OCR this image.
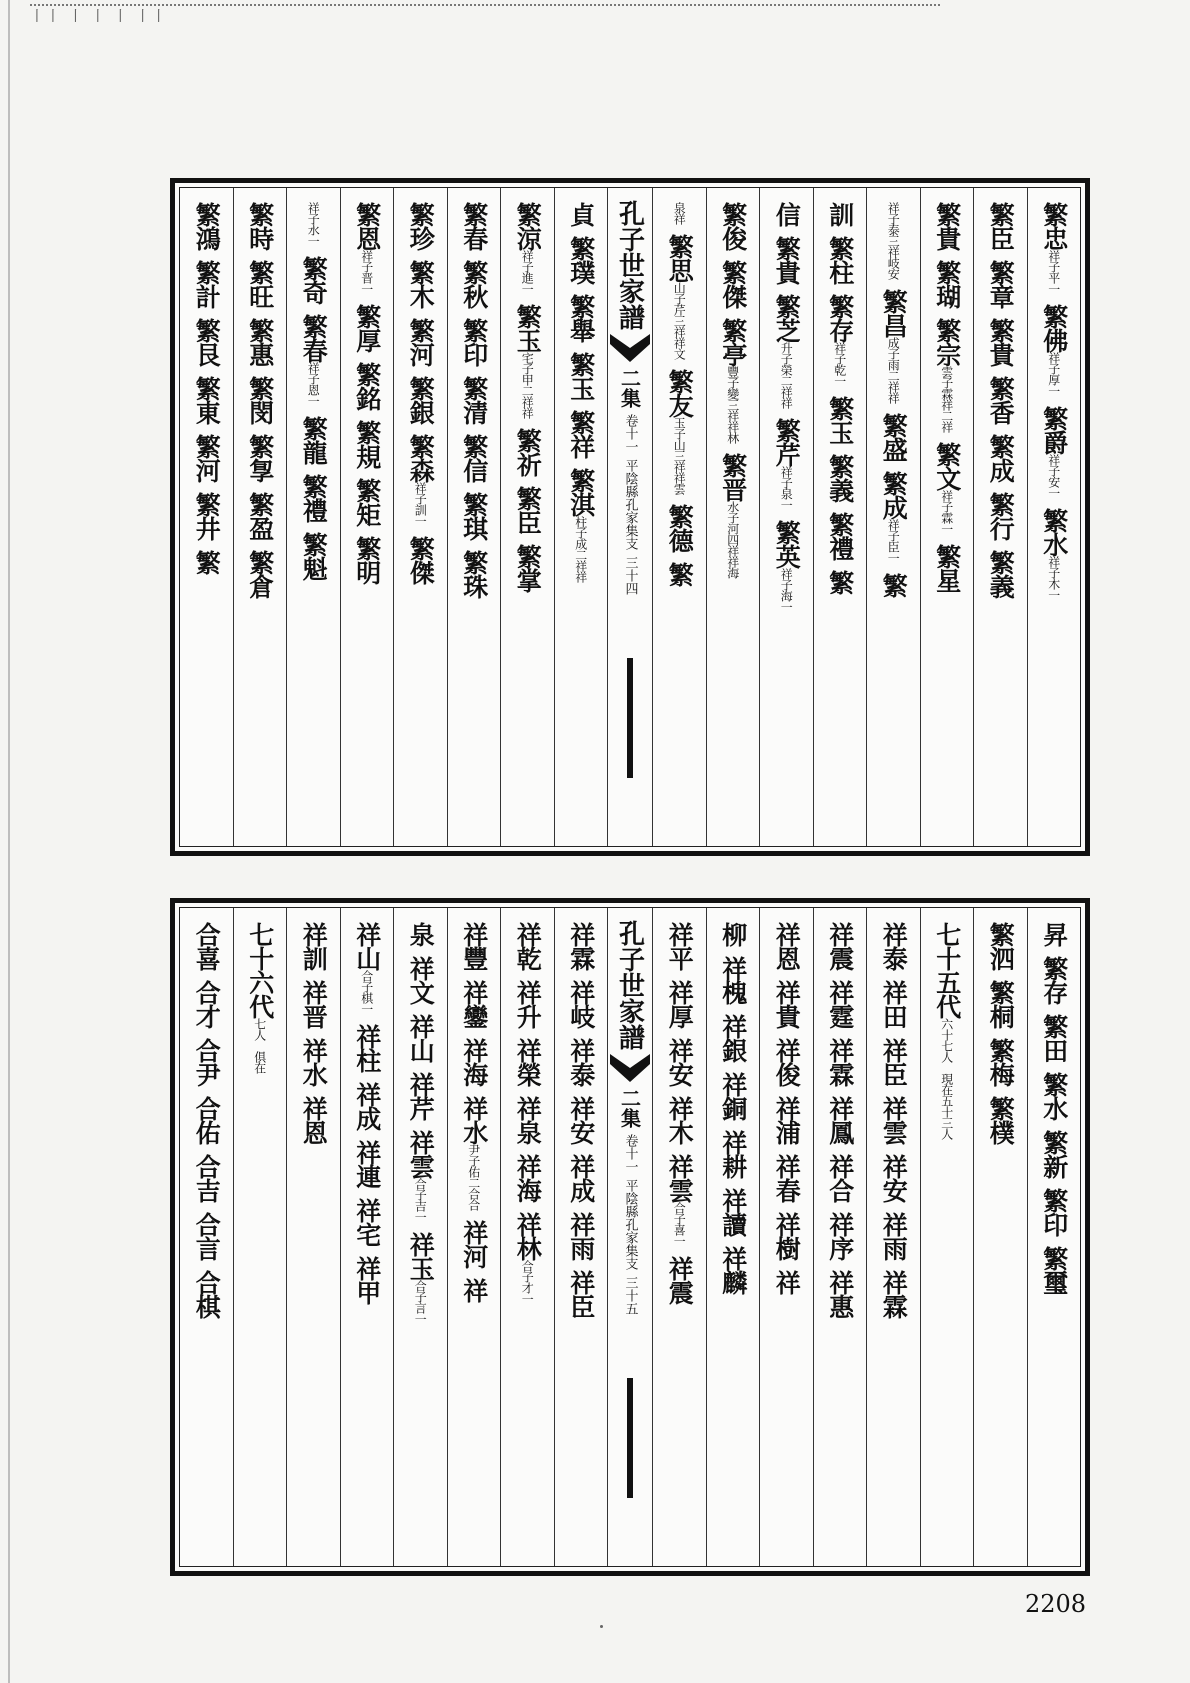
丨丨 丨 丨 丨 丨丨
繁忠
祥子平一
繁佛
祥子厚一
繁爵
祥子安一
繁水
祥子木一
繁臣
繁章
繁貴
繁香
繁成
繁行
繁義
繁貴
繁瑚
繁宗
雲子霖祥二祥
繁文
祥子霖一
繁星
祥子泰三祥岐安
繁昌
成子雨二祥祥
繁盛
繁成
祥子臣一
繁
訓
繁柱
繁存
祥子乾一
繁玉
繁義
繁禮
繁
信
繁貴
繁芝
升子榮二祥祥
繁芹
祥子泉一
繁英
祥子海一
繁俊
繁傑
繁亭
豐子變三祥祥林
繁晋
水子河四祥祥海
泉祥
繁思
山子芹三祥祥文
繁友
玉子山三祥祥雲
繁德
繁
孔子世家譜
二集
卷十一
平陰縣孔家集支
三十四
貞
繁璞
繁舉
繁玉
繁祥
繁淇
柱子成二祥祥
繁涼
祥子進一
繁玉
宅子甲二祥祥
繁祈
繁臣
繁掌
繁春
繁秋
繁印
繁清
繁信
繁琪
繁珠
繁珍
繁木
繁河
繁銀
繁森
祥子訓一
繁傑
繁恩
祥子晋一
繁厚
繁銘
繁規
繁矩
繁明
祥子水一
繁奇
繁春
祥子恩一
繁龍
繁禮
繁魁
繁時
繁旺
繁惠
繁閔
繁㝁
繁盈
繁倉
繁鴻
繁計
繁艮
繁東
繁河
繁井
繁
昇
繁存
繁田
繁水
繁新
繁印
繁璽
繁泗
繁桐
繁梅
繁樸
七十五代
六十七人　現在五十三人
祥泰
祥田
祥臣
祥雲
祥安
祥雨
祥霖
祥震
祥霆
祥霖
祥鳳
祥合
祥序
祥惠
祥恩
祥貴
祥俊
祥浦
祥春
祥樹
祥
柳
祥槐
祥銀
祥銅
祥耕
祥讀
祥麟
祥平
祥厚
祥安
祥木
祥雲
合子喜一
祥震
孔子世家譜
二集
卷十一
平陰縣孔家集支
三十五
祥霖
祥岐
祥泰
祥安
祥成
祥雨
祥臣
祥乾
祥升
祥榮
祥泉
祥海
祥林
合子才一
祥豐
祥鑾
祥海
祥水
尹子佑二合合
祥河
祥
泉
祥文
祥山
祥芹
祥雲
合子吉一
祥玉
合子言一
祥山
合子棋一
祥柱
祥成
祥連
祥宅
祥甲
祥訓
祥晋
祥水
祥恩
七十六代
七人　俱在
合喜
合才
合尹
合佑
合吉
合言
合棋
2208
